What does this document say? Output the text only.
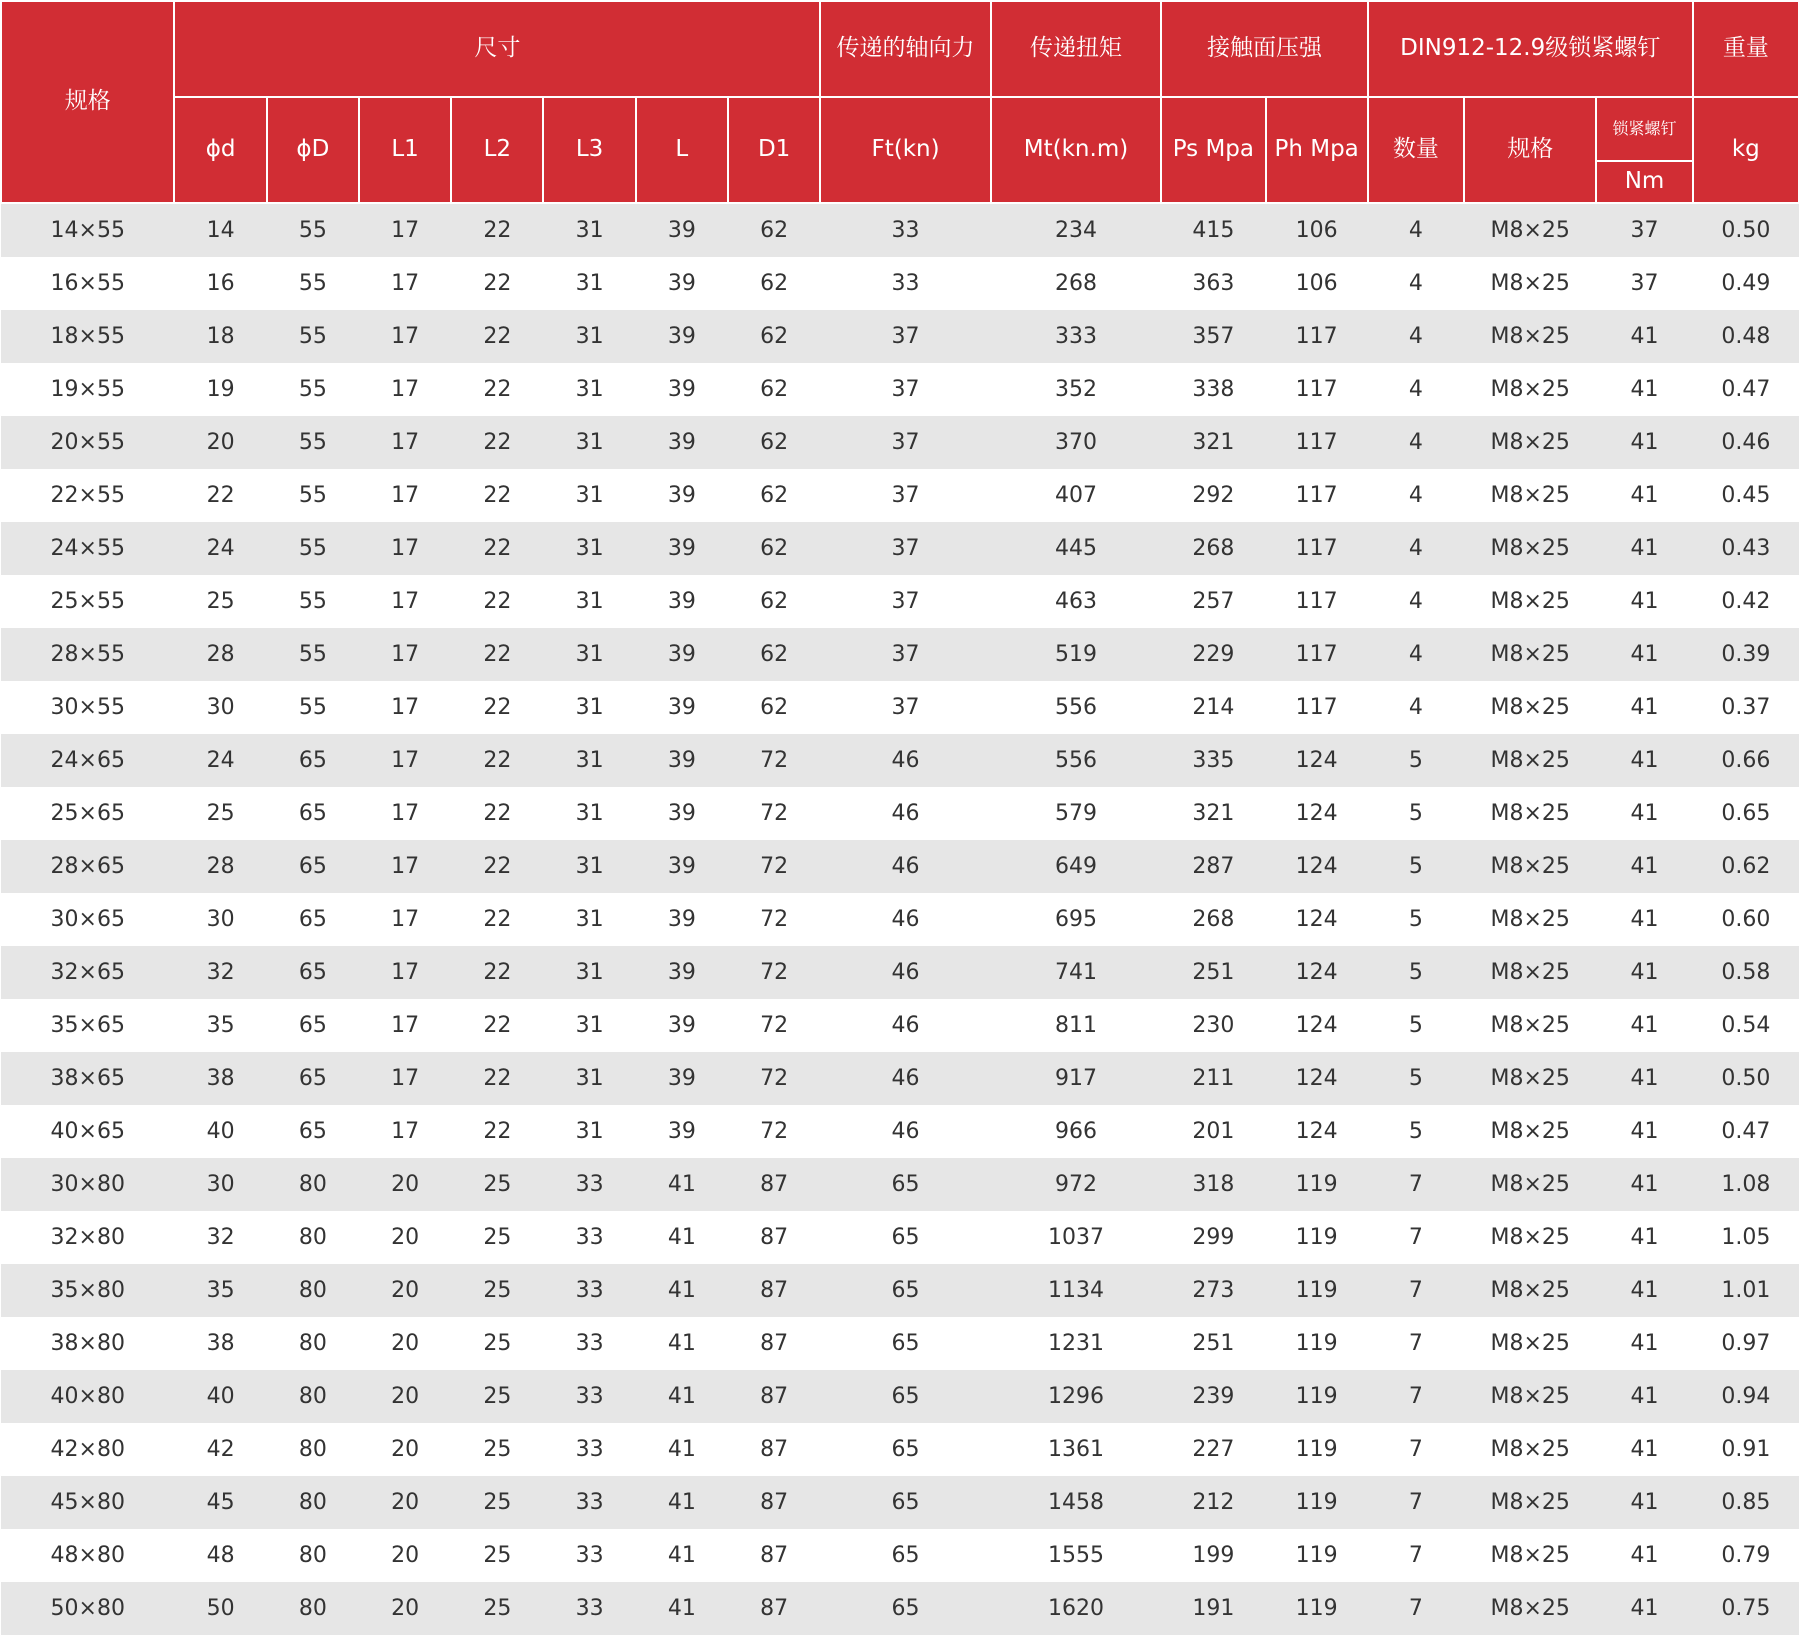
规格	尺寸							传递的轴向力	传递扭矩	接触面压强		DIN912-12.9级锁紧螺钉			重量
	ϕd	ϕD	L1	L2	L3	L	D1	Ft(kn)	Mt(kn.m)	Ps Mpa	Ph Mpa	数量	规格	锁紧螺钉	kg
														Nm	
14×55	14	55	17	22	31	39	62	33	234	415	106	4	M8×25	37	0.50
16×55	16	55	17	22	31	39	62	33	268	363	106	4	M8×25	37	0.49
18×55	18	55	17	22	31	39	62	37	333	357	117	4	M8×25	41	0.48
19×55	19	55	17	22	31	39	62	37	352	338	117	4	M8×25	41	0.47
20×55	20	55	17	22	31	39	62	37	370	321	117	4	M8×25	41	0.46
22×55	22	55	17	22	31	39	62	37	407	292	117	4	M8×25	41	0.45
24×55	24	55	17	22	31	39	62	37	445	268	117	4	M8×25	41	0.43
25×55	25	55	17	22	31	39	62	37	463	257	117	4	M8×25	41	0.42
28×55	28	55	17	22	31	39	62	37	519	229	117	4	M8×25	41	0.39
30×55	30	55	17	22	31	39	62	37	556	214	117	4	M8×25	41	0.37
24×65	24	65	17	22	31	39	72	46	556	335	124	5	M8×25	41	0.66
25×65	25	65	17	22	31	39	72	46	579	321	124	5	M8×25	41	0.65
28×65	28	65	17	22	31	39	72	46	649	287	124	5	M8×25	41	0.62
30×65	30	65	17	22	31	39	72	46	695	268	124	5	M8×25	41	0.60
32×65	32	65	17	22	31	39	72	46	741	251	124	5	M8×25	41	0.58
35×65	35	65	17	22	31	39	72	46	811	230	124	5	M8×25	41	0.54
38×65	38	65	17	22	31	39	72	46	917	211	124	5	M8×25	41	0.50
40×65	40	65	17	22	31	39	72	46	966	201	124	5	M8×25	41	0.47
30×80	30	80	20	25	33	41	87	65	972	318	119	7	M8×25	41	1.08
32×80	32	80	20	25	33	41	87	65	1037	299	119	7	M8×25	41	1.05
35×80	35	80	20	25	33	41	87	65	1134	273	119	7	M8×25	41	1.01
38×80	38	80	20	25	33	41	87	65	1231	251	119	7	M8×25	41	0.97
40×80	40	80	20	25	33	41	87	65	1296	239	119	7	M8×25	41	0.94
42×80	42	80	20	25	33	41	87	65	1361	227	119	7	M8×25	41	0.91
45×80	45	80	20	25	33	41	87	65	1458	212	119	7	M8×25	41	0.85
48×80	48	80	20	25	33	41	87	65	1555	199	119	7	M8×25	41	0.79
50×80	50	80	20	25	33	41	87	65	1620	191	119	7	M8×25	41	0.75
